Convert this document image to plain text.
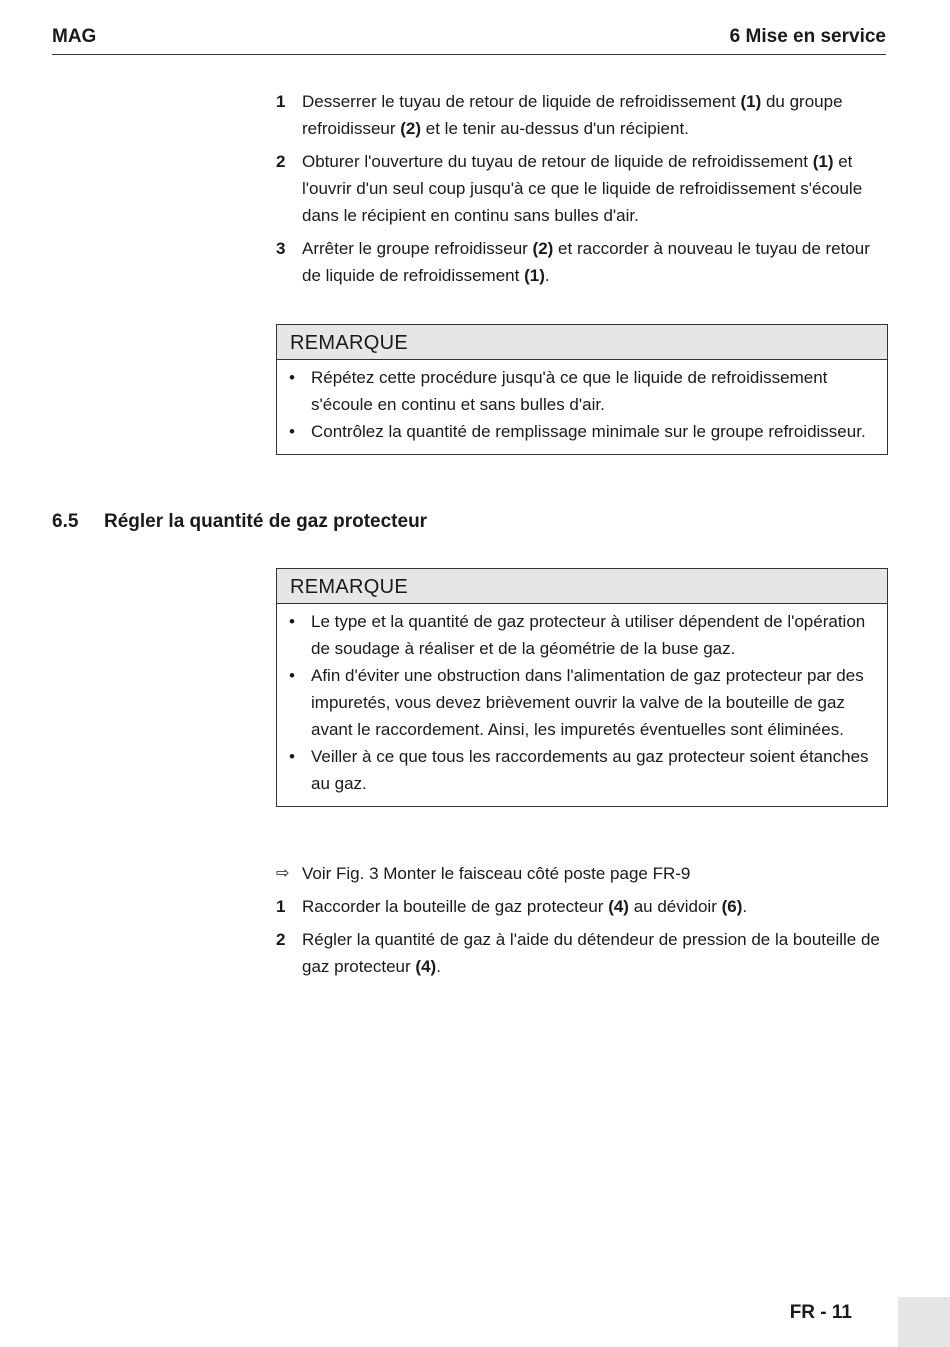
MAG	6 Mise en service
1 Desserrer le tuyau de retour de liquide de refroidissement (1) du groupe refroidisseur (2) et le tenir au-dessus d'un récipient.
2 Obturer l'ouverture du tuyau de retour de liquide de refroidissement (1) et l'ouvrir d'un seul coup jusqu'à ce que le liquide de refroidissement s'écoule dans le récipient en continu sans bulles d'air.
3 Arrêter le groupe refroidisseur (2) et raccorder à nouveau le tuyau de retour de liquide de refroidissement (1).
REMARQUE
• Répétez cette procédure jusqu'à ce que le liquide de refroidissement s'écoule en continu et sans bulles d'air.
• Contrôlez la quantité de remplissage minimale sur le groupe refroidisseur.
6.5 Régler la quantité de gaz protecteur
REMARQUE
• Le type et la quantité de gaz protecteur à utiliser dépendent de l'opération de soudage à réaliser et de la géométrie de la buse gaz.
• Afin d'éviter une obstruction dans l'alimentation de gaz protecteur par des impuretés, vous devez brièvement ouvrir la valve de la bouteille de gaz avant le raccordement. Ainsi, les impuretés éventuelles sont éliminées.
• Veiller à ce que tous les raccordements au gaz protecteur soient étanches au gaz.
⇨ Voir Fig. 3 Monter le faisceau côté poste page FR-9
1 Raccorder la bouteille de gaz protecteur (4) au dévidoir (6).
2 Régler la quantité de gaz à l'aide du détendeur de pression de la bouteille de gaz protecteur (4).
FR - 11
